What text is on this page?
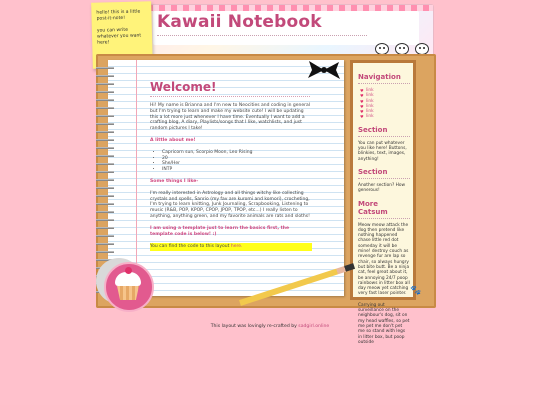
Kawaii Notebook

hello! this is a little post-it-note!

you can write whatever you want here!

Welcome!

Hi! My name is Brianna and I'm new to Neocities and coding in general but I'm trying to learn and make my website cute! I will be updating this a lot more just whenever I have time. Eventually I want to add a crafting blog, A diary, Playlists/songs that I like, watchlists, and just random pictures I take!

A little about me!
• Capricorn sun, Scorpio Moon, Leo Rising
• 20
• She/Her
• INTP
Some things I like-

I'm really interested in Astrology and all things witchy like collecting crystals and spells, Sanrio (my fav are kuromi and komori), crocheting, I'm trying to learn knitting, Junk Journaling, Scrapbooking, Listening to music (R&B, POP, KPOP, CPOP, JPOP, TPOP, etc...) I really listen to anything, anything green, and my favorite animals are rats and sloths!

I am using a template just to learn the basics first, the template code is below! :)

You can find the code to this layout here.
Navigation
♥ link
♥ link
♥ link
♥ link
♥ link
♥ link
Section

You can put whatever you like here! Buttons, blinkies, text, images, anything!

Section

Another section? How generous!

More Catsum

Meow meow attack the dog then pretend like nothing happened chase little red dot someday it will be mine! destroy couch as revenge fur are lap so chair, so always hungry but bite butt. Be a ninja cat, feel great about it, be annoying 24/7 poop rainbows in litter box all day meow yet catching very fast laser pointer.

Carrying out surveillance on the neighbour's dog, sit on my head waffles, so pet me pet me don't pet me so stand with legs in litter box, but poop outside

🐾
This layout was lovingly re-crafted by sadgirl.online
